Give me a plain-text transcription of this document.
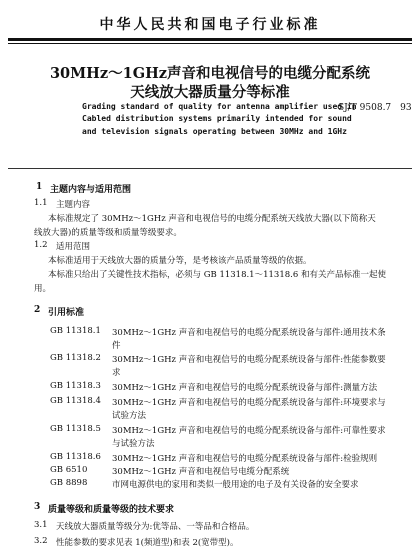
中华人民共和国电子行业标准
30MHz～1GHz声音和电视信号的电缆分配系统
天线放大器质量分等标准
SJ/T 9508.7　93
Grading standard of quality for antenna amplifier used in
Cabled distribution systems primarily intended for sound
and television signals operating between 30MHz and 1GHz
1 主题内容与适用范围
1.1 主题内容
本标准规定了 30MHz～1GHz 声音和电视信号的电缆分配系统天线放大器(以下简称天
线放大器)的质量等级和质量等级要求。
1.2 适用范围
本标准适用于天线放大器的质量分等，是考核该产品质量等级的依据。
本标准只给出了关键性技术指标，必须与 GB 11318.1～11318.6 和有关产品标准一起使
用。
2 引用标准
GB 11318.1 30MHz～1GHz 声音和电视信号的电缆分配系统设备与部件:通用技术条
件
GB 11318.2 30MHz～1GHz 声音和电视信号的电缆分配系统设备与部件:性能参数要
求
GB 11318.3 30MHz～1GHz 声音和电视信号的电缆分配系统设备与部件:测量方法
GB 11318.4 30MHz～1GHz 声音和电视信号的电缆分配系统设备与部件:环境要求与
试验方法
GB 11318.5 30MHz～1GHz 声音和电视信号的电缆分配系统设备与部件:可靠性要求
与试验方法
GB 11318.6 30MHz～1GHz 声音和电视信号的电缆分配系统设备与部件:检验规则
GB 6510	30MHz～1GHz 声音和电视信号电缆分配系统
GB 8898	市网电源供电的家用和类似一般用途的电子及有关设备的安全要求
3 质量等级和质量等级的技术要求
3.1 天线放大器质量等级分为:优等品、一等品和合格品。
3.2 性能参数的要求见表 1(频道型)和表 2(宽带型)。
